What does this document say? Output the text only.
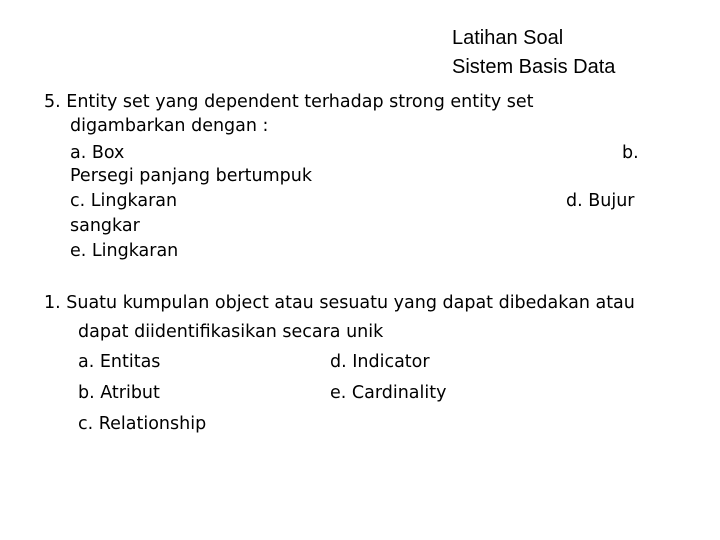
Latihan Soal
Sistem Basis Data
5. Entity set yang dependent terhadap strong entity set
digambarkan dengan :
a. Box	b.
Persegi panjang bertumpuk
c. Lingkaran	d. Bujur
sangkar
e. Lingkaran
1. Suatu kumpulan object atau sesuatu yang dapat dibedakan atau
dapat diidentifikasikan secara unik
a. Entitas	d. Indicator
b. Atribut	e. Cardinality
c. Relationship
